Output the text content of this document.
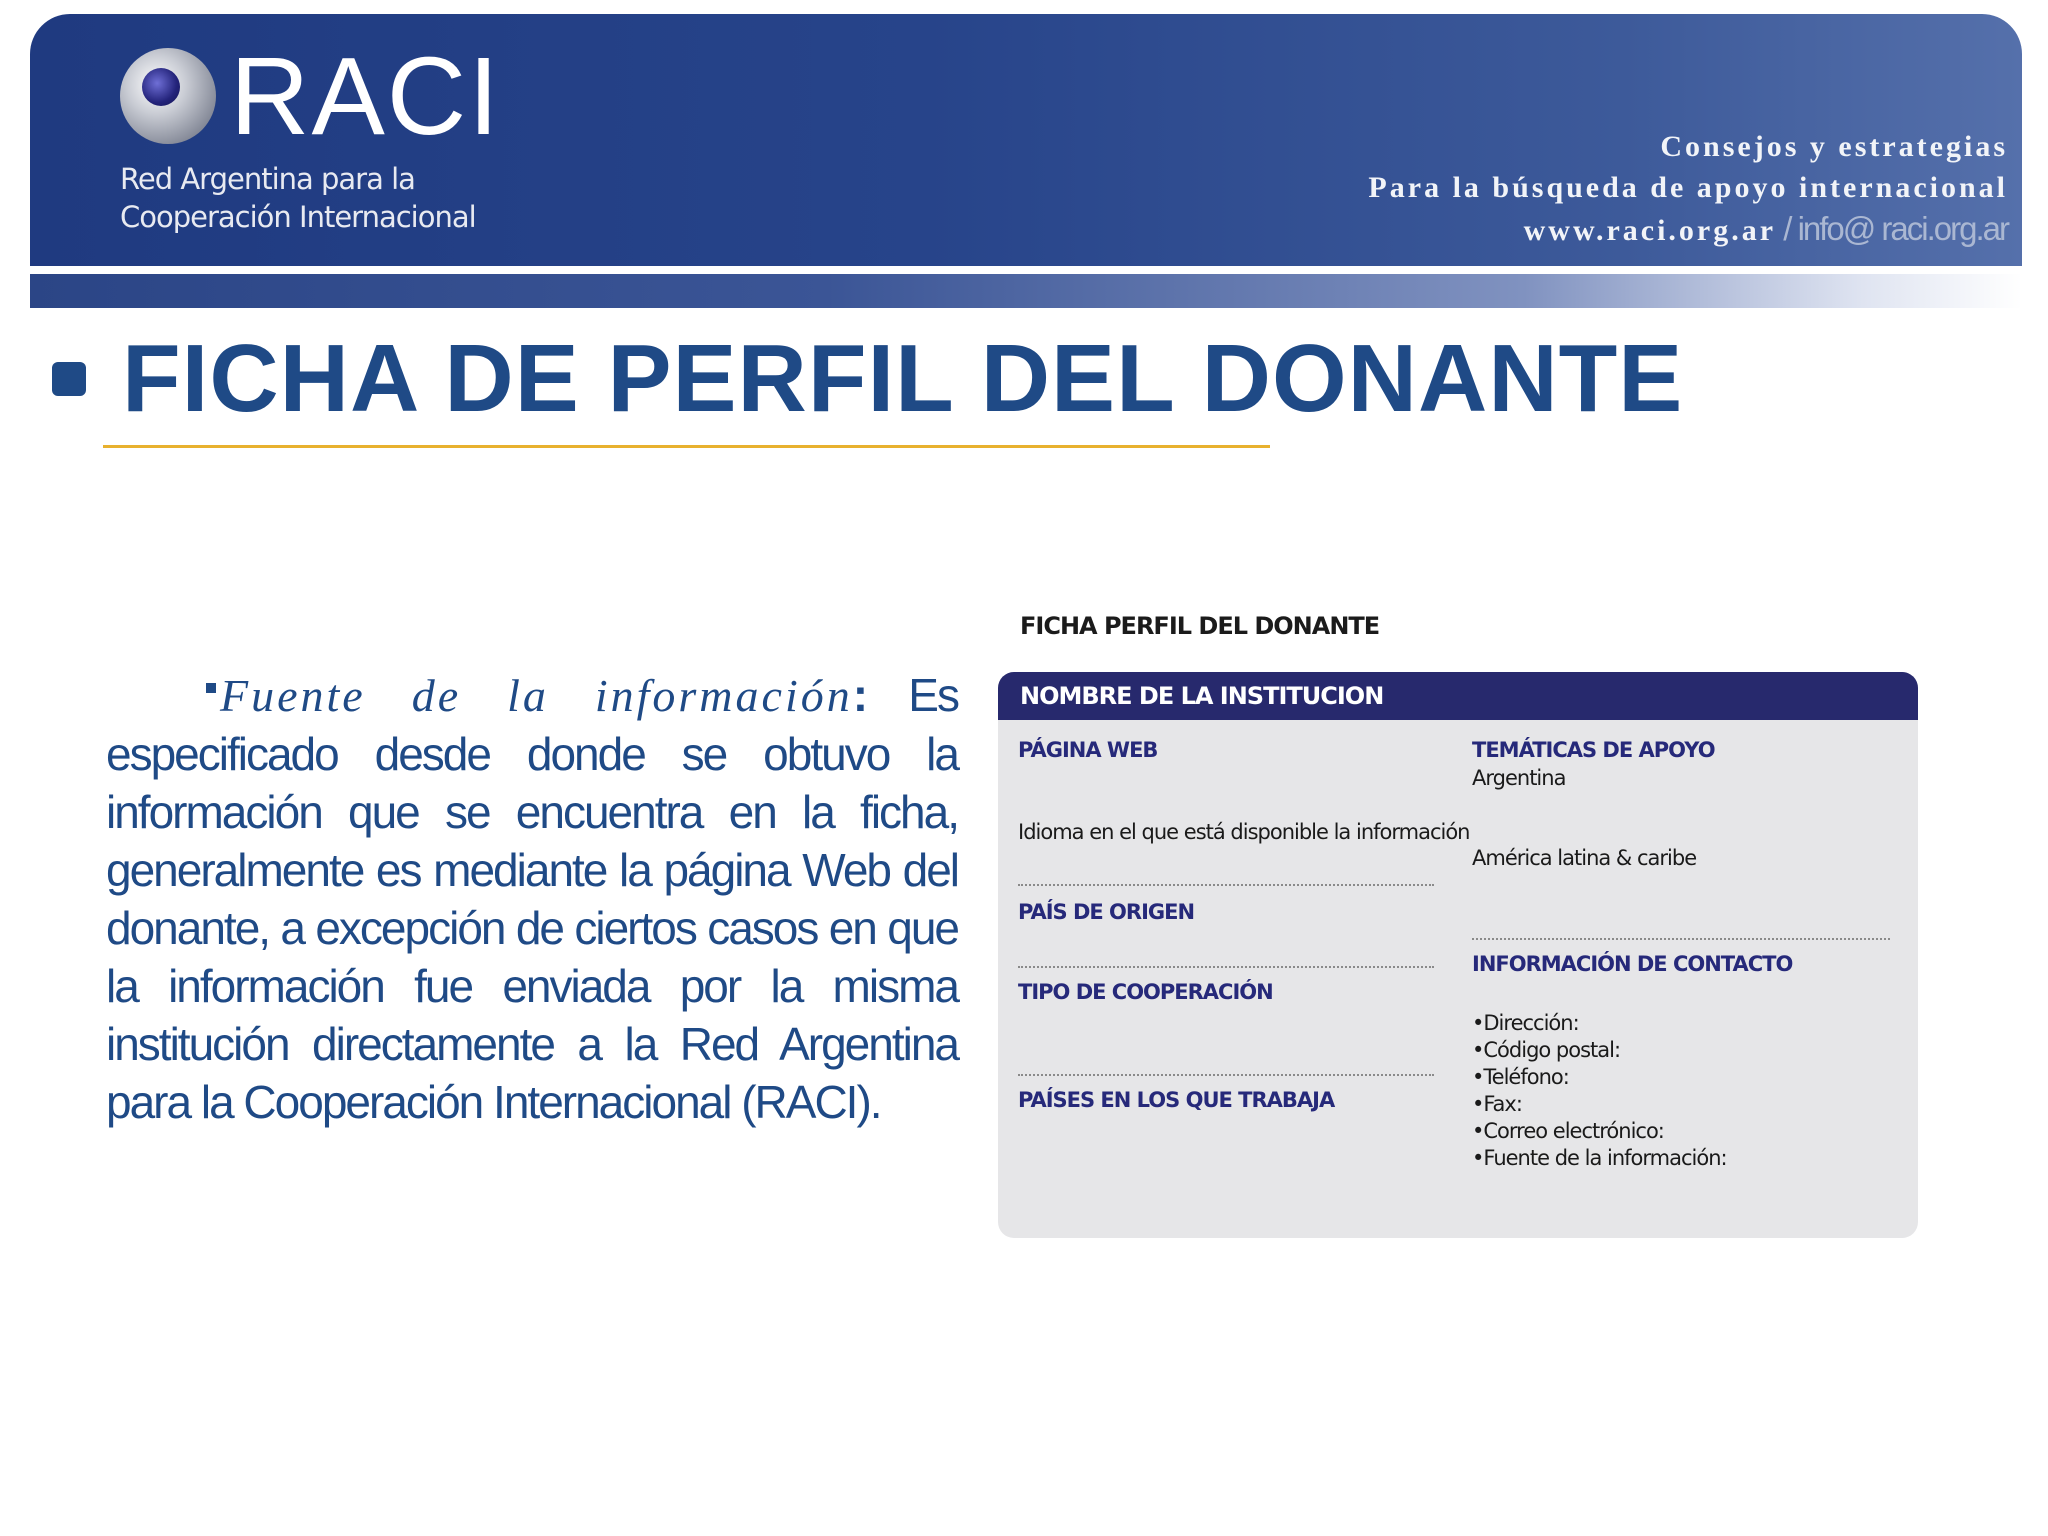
RACI
Red Argentina para la
Cooperación Internacional
Consejos y estrategias
Para la búsqueda de apoyo internacional
www.raci.org.ar / info@ raci.org.ar
FICHA DE PERFIL DEL DONANTE
Fuente de la información: Es especificado desde donde se obtuvo la información que se encuentra en la ficha, generalmente es mediante la página Web del donante, a excepción de ciertos casos en que la información fue enviada por la misma institución directamente a la Red Argentina para la Cooperación Internacional (RACI).
FICHA PERFIL DEL DONANTE
NOMBRE DE LA INSTITUCION
PÁGINA WEB
Idioma en el que está disponible la información
PAÍS DE ORIGEN
TIPO DE COOPERACIÓN
PAÍSES EN LOS QUE TRABAJA
TEMÁTICAS DE APOYO
Argentina
América latina & caribe
INFORMACIÓN DE CONTACTO
• Dirección:
• Código postal:
• Teléfono:
• Fax:
• Correo electrónico:
• Fuente de la información:
